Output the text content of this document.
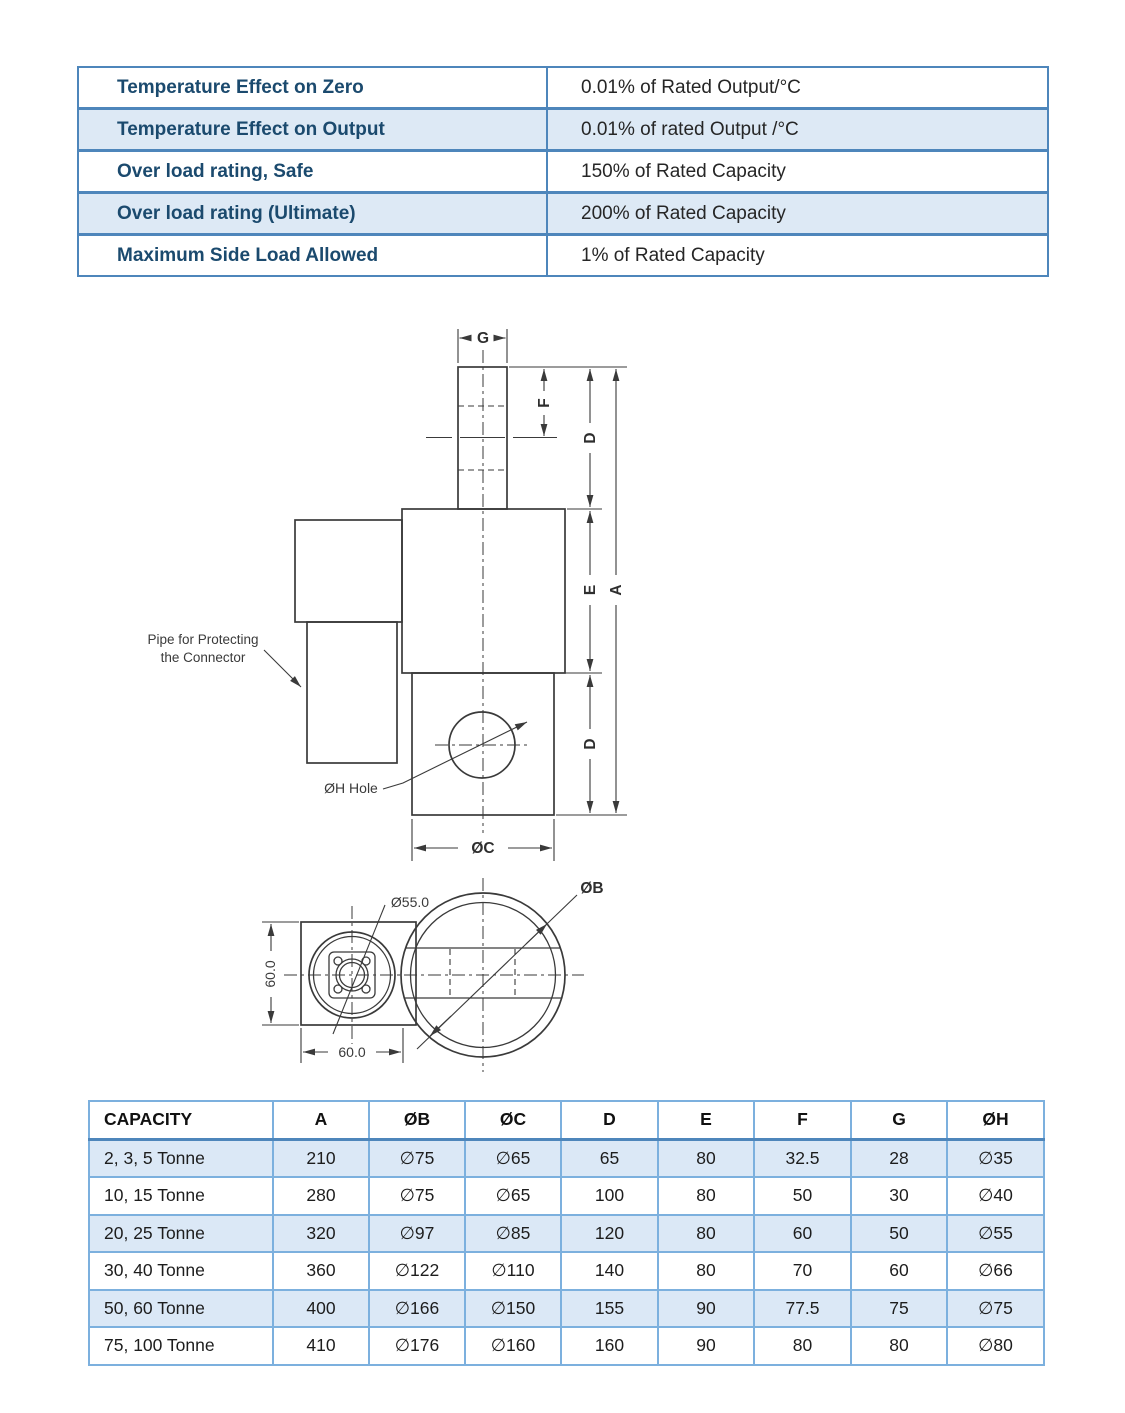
Temperature Effect on Zero	0.01% of Rated Output/°C
Temperature Effect on Output	0.01% of rated Output /°C
Over load rating, Safe	150% of Rated Capacity
Over load rating (Ultimate)	200% of Rated Capacity
Maximum Side Load Allowed	1% of Rated Capacity
G
F
D
E A
D
ØC
ØH Hole
Pipe for Protecting
the Connector
Ø55.0
ØB
60.0
60.0
CAPACITY	A	ØB	ØC	D	E	F	G	ØH
2, 3, 5 Tonne	210	∅75	∅65	65	80	32.5	28	∅35
10, 15 Tonne	280	∅75	∅65	100	80	50	30	∅40
20, 25 Tonne	320	∅97	∅85	120	80	60	50	∅55
30, 40 Tonne	360	∅122	∅110	140	80	70	60	∅66
50, 60 Tonne	400	∅166	∅150	155	90	77.5	75	∅75
75, 100 Tonne	410	∅176	∅160	160	90	80	80	∅80
